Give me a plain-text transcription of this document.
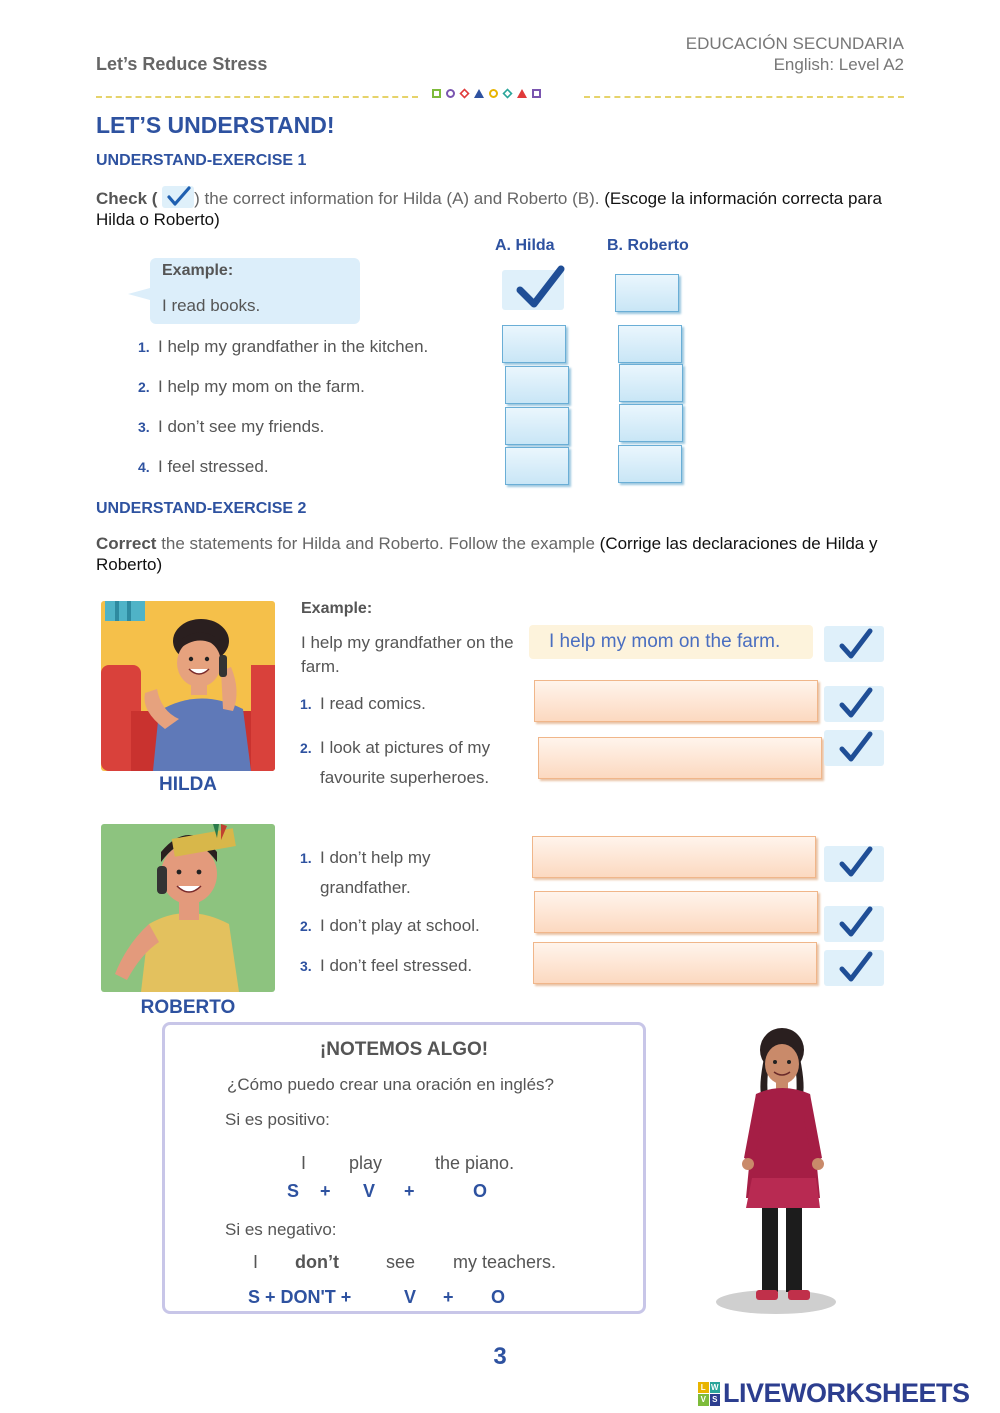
Let’s Reduce Stress
EDUCACIÓN SECUNDARIA
English: Level A2
LET’S UNDERSTAND!
UNDERSTAND-EXERCISE 1
Check ( ) the correct information for Hilda (A) and Roberto (B). (Escoge la información correcta para Hilda o Roberto)
A. Hilda	B. Roberto
Example:
I read books.
1. I help my grandfather in the kitchen.
2. I help my mom on the farm.
3. I don’t see my friends.
4. I feel stressed.
UNDERSTAND-EXERCISE 2
Correct the statements for Hilda and Roberto. Follow the example (Corrige las declaraciones de Hilda y Roberto)
HILDA
Example:
I help my grandfather on the farm.
I help my mom on the farm.
1. I read comics.
2. I look at pictures of my favourite superheroes.
ROBERTO
1. I don’t help my grandfather.
2. I don’t play at school.
3. I don’t feel stressed.
¡NOTEMOS ALGO!
¿Cómo puedo crear una oración en inglés?
Si es positivo:
I play	the piano.
S + V +	O
Si es negativo:
I don’t	see my teachers.
S + DON'T +	V + O
3
L W
V S LIVEWORKSHEETS
